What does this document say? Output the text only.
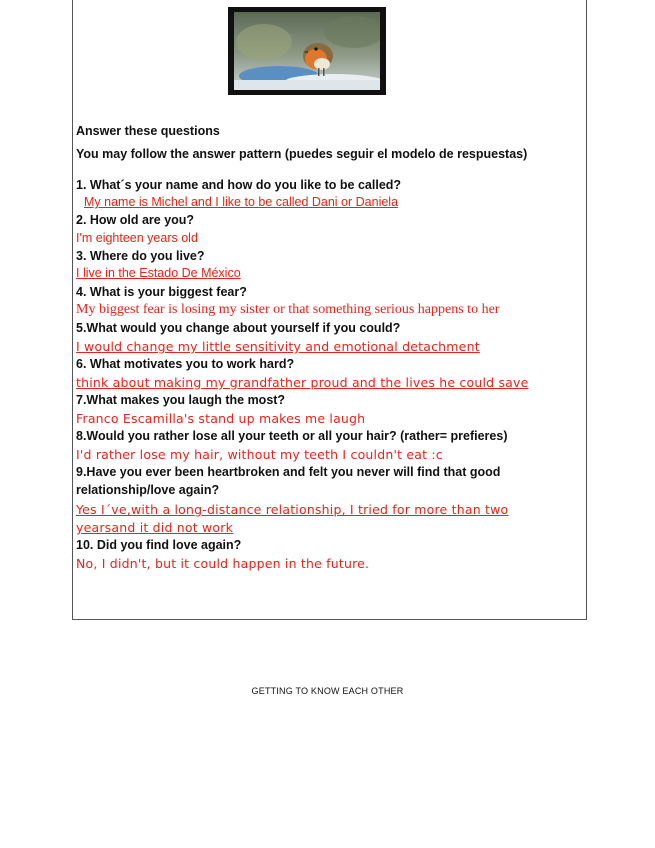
Answer these questions
You may follow the answer pattern (puedes seguir el modelo de respuestas)
1. What´s your name and how do you like to be called?
My name is Michel and I like to be called Dani or Daniela
2. How old are you?
I'm eighteen years old
3. Where do you live?
I live in the Estado De México
4. What is your biggest fear?
My biggest fear is losing my sister or that something serious happens to her
5.What would you change about yourself if you could?
I would change my little sensitivity and emotional detachment
6. What motivates you to work hard?
think about making my grandfather proud and the lives he could save
7.What makes you laugh the most?
Franco Escamilla's stand up makes me laugh
8.Would you rather lose all your teeth or all your hair? (rather= prefieres)
I'd rather lose my hair, without my teeth I couldn't eat :c
9.Have you ever been heartbroken and felt you never will find that good
relationship/love again?
Yes I´ve,with a long-distance relationship, I tried for more than two
yearsand it did not work
10. Did you find love again?
No, I didn't, but it could happen in the future.
GETTING TO KNOW EACH OTHER
